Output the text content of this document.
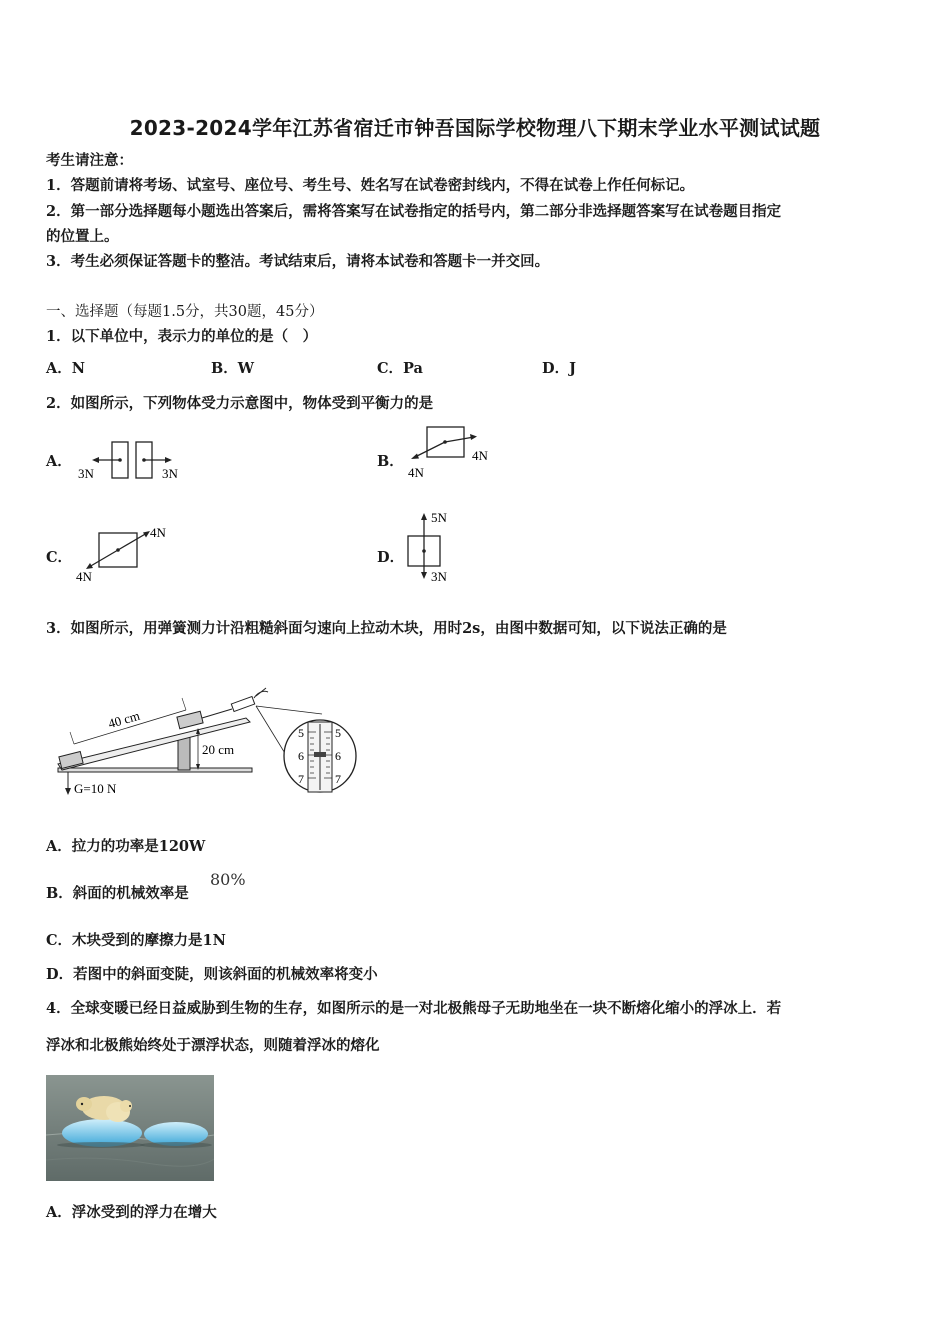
2023-2024学年江苏省宿迁市钟吾国际学校物理八下期末学业水平测试试题
考生请注意：
1．答题前请将考场、试室号、座位号、考生号、姓名写在试卷密封线内，不得在试卷上作任何标记。
2．第一部分选择题每小题选出答案后，需将答案写在试卷指定的括号内，第二部分非选择题答案写在试卷题目指定
的位置上。
3．考生必须保证答题卡的整洁。考试结束后，请将本试卷和答题卡一并交回。
一、选择题（每题1.5分，共30题，45分）
1．以下单位中，表示力的单位的是（　）
A．N	B．W	C．Pa	D．J
2．如图所示，下列物体受力示意图中，物体受到平衡力的是
A．	B．
C．	D．
3N	3N
4N
4N
4N
4N
5N
3N
3．如图所示，用弹簧测力计沿粗糙斜面匀速向上拉动木块，用时2s，由图中数据可知，以下说法正确的是
40 cm
20 cm
G=10 N
5
6
7
5
6
7
A．拉力的功率是120W
B．斜面的机械效率是
80%
C．木块受到的摩擦力是1N
D．若图中的斜面变陡，则该斜面的机械效率将变小
4．全球变暖已经日益威胁到生物的生存，如图所示的是一对北极熊母子无助地坐在一块不断熔化缩小的浮冰上．若
浮冰和北极熊始终处于漂浮状态，则随着浮冰的熔化
A．浮冰受到的浮力在增大
